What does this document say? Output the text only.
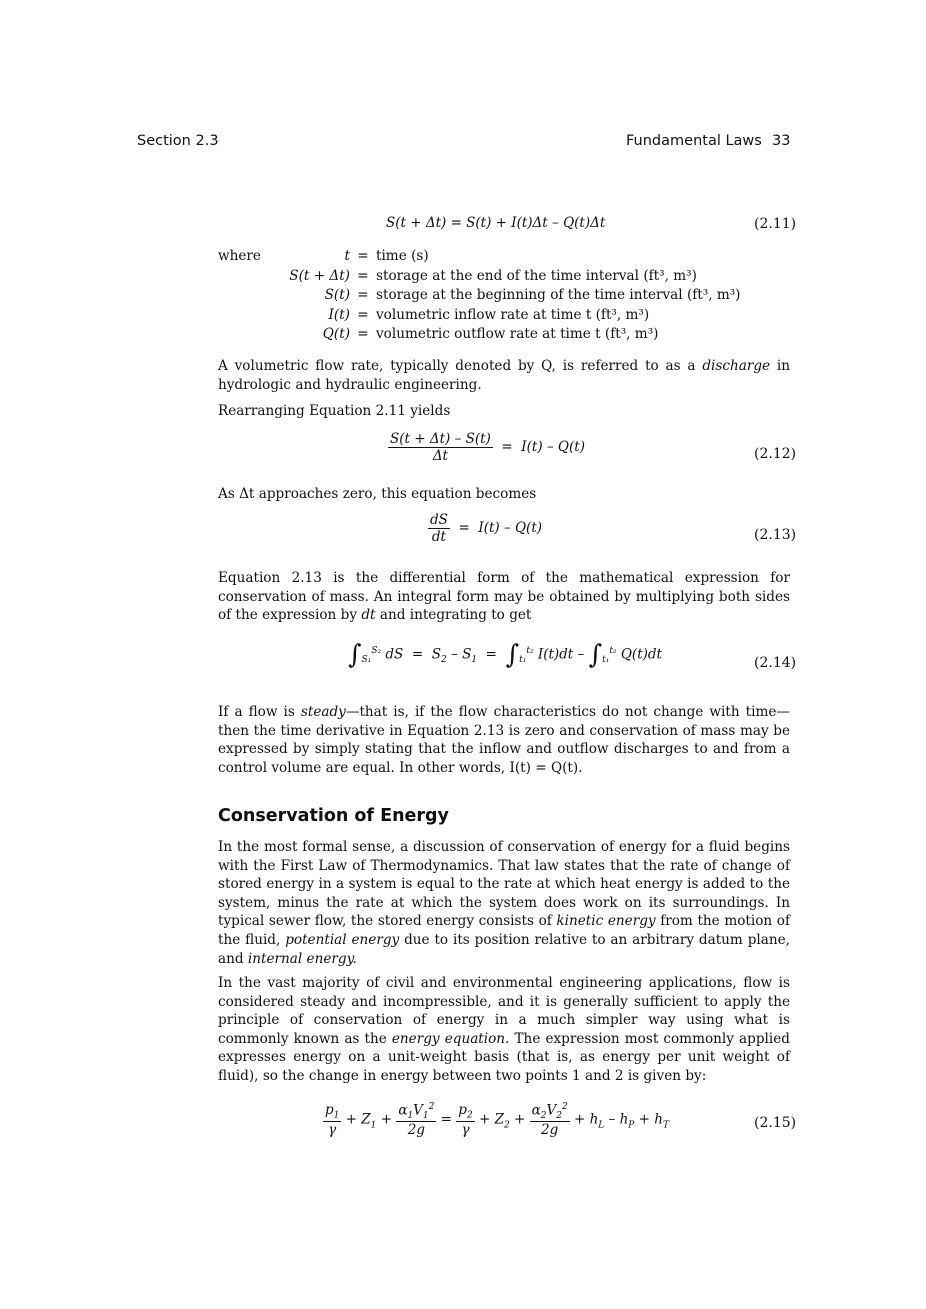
Section 2.3	Fundamental Laws 33
S(t + Δt) = S(t) + I(t)Δt – Q(t)Δt	(2.11)
where	t = time (s)
S(t + Δt) = storage at the end of the time interval (ft³, m³)
S(t) = storage at the beginning of the time interval (ft³, m³)
I(t) = volumetric inflow rate at time t (ft³, m³)
Q(t) = volumetric outflow rate at time t (ft³, m³)

A volumetric flow rate, typically denoted by Q, is referred to as a discharge in hydrologic and hydraulic engineering.

Rearranging Equation 2.11 yields
$\frac{S(t + \Delta t) - S(t)}{\Delta t} = I(t) - Q(t)$	(2.12)
As Δt approaches zero, this equation becomes
$\frac{dS}{dt} = I(t) - Q(t)$	(2.13)

Equation 2.13 is the differential form of the mathematical expression for conservation of mass. An integral form may be obtained by multiplying both sides of the expression by dt and integrating to get

$\int_{S_1}^{S_2}$ dS  =  $S_2 - S_1 = \int_{t_1}^{t_2}$ $I(t)dt - \int_{t_1}^{t_2}$ Q(t)dt
(2.14)

If a flow is steady—that is, if the flow characteristics do not change with time—then the time derivative in Equation 2.13 is zero and conservation of mass may be expressed by simply stating that the inflow and outflow discharges to and from a control volume are equal. In other words, I(t) = Q(t).

Conservation of Energy

In the most formal sense, a discussion of conservation of energy for a fluid begins with the First Law of Thermodynamics. That law states that the rate of change of stored energy in a system is equal to the rate at which heat energy is added to the system, minus the rate at which the system does work on its surroundings. In typical sewer flow, the stored energy consists of kinetic energy from the motion of the fluid, potential energy due to its position relative to an arbitrary datum plane, and internal energy.

In the vast majority of civil and environmental engineering applications, flow is considered steady and incompressible, and it is generally sufficient to apply the principle of conservation of energy in a much simpler way using what is commonly known as the energy equation. The expression most commonly applied expresses energy on a unit-weight basis (that is, as energy per unit weight of fluid), so the change in energy between two points 1 and 2 is given by:

$\frac{p_1}{\gamma} + Z_1 + \frac{\alpha_1V_1^2}{2g} = \frac{p_2}{\gamma} + Z_2 + \frac{\alpha_2V_2^2}{2g} + h_L - h_P + h_T$	(2.15)
